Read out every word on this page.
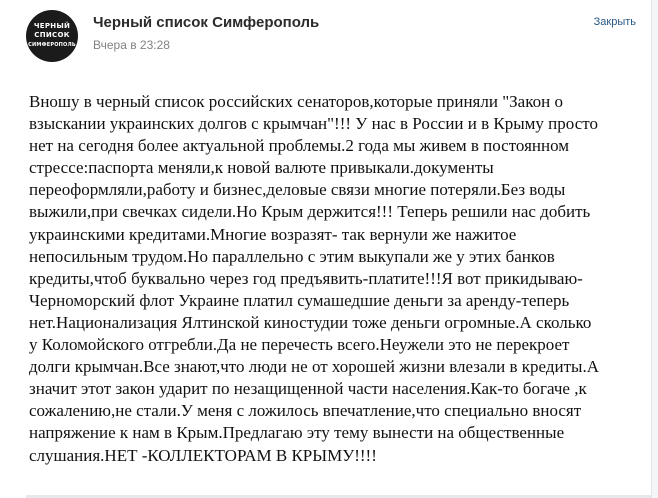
ЧЕРНЫЙ
СПИСОК
СИМФЕРОПОЛЬ
Черный список Симферополь
Вчера в 23:28
Закрыть

Вношу в черный список российских сенаторов,которые приняли "Закон о
взыскании украинских долгов с крымчан"!!! У нас в России и в Крыму просто
нет на сегодня более актуальной проблемы.2 года мы живем в постоянном
стрессе:паспорта меняли,к новой валюте привыкали.документы
переоформляли,работу и бизнес,деловые связи многие потеряли.Без воды
выжили,при свечках сидели.Но Крым держится!!! Теперь решили нас добить
украинскими кредитами.Многие возразят- так вернули же нажитое
непосильным трудом.Но параллельно с этим выкупали же у этих банков
кредиты,чтоб буквально через год предъявить-платите!!!Я вот прикидываю-
Черноморский флот Украине платил сумашедшие деньги за аренду-теперь
нет.Национализация Ялтинской киностудии тоже деньги огромные.А сколько
у Коломойского отгребли.Да не перечесть всего.Неужели это не перекроет
долги крымчан.Все знают,что люди не от хорошей жизни влезали в кредиты.А
значит этот закон ударит по незащищенной части населения.Как-то богаче ,к
сожалению,не стали.У меня с ложилось впечатление,что специально вносят
напряжение к нам в Крым.Предлагаю эту тему вынести на общественные
слушания.НЕТ -КОЛЛЕКТОРАМ В КРЫМУ!!!!
